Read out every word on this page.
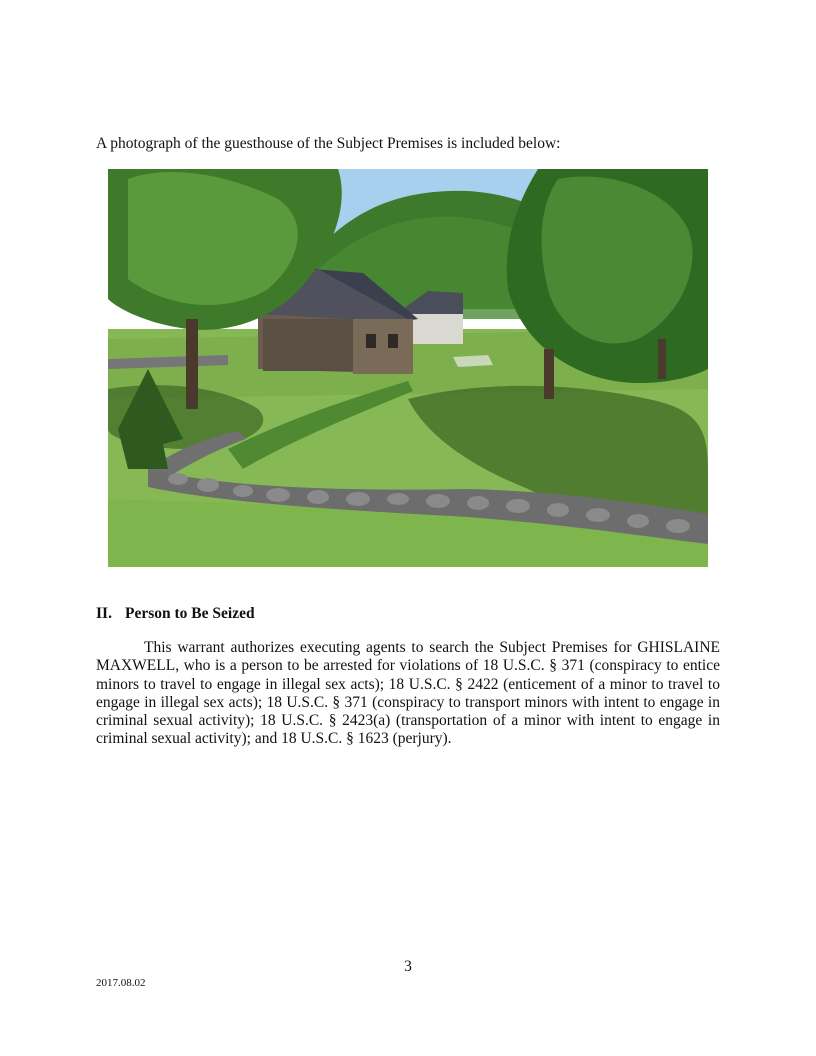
A photograph of the guesthouse of the Subject Premises is included below:

II. Person to Be Seized

This warrant authorizes executing agents to search the Subject Premises for GHISLAINE MAXWELL, who is a person to be arrested for violations of 18 U.S.C. § 371 (conspiracy to entice minors to travel to engage in illegal sex acts); 18 U.S.C. § 2422 (enticement of a minor to travel to engage in illegal sex acts); 18 U.S.C. § 371 (conspiracy to transport minors with intent to engage in criminal sexual activity); 18 U.S.C. § 2423(a) (transportation of a minor with intent to engage in criminal sexual activity); and 18 U.S.C. § 1623 (perjury).

3
2017.08.02
